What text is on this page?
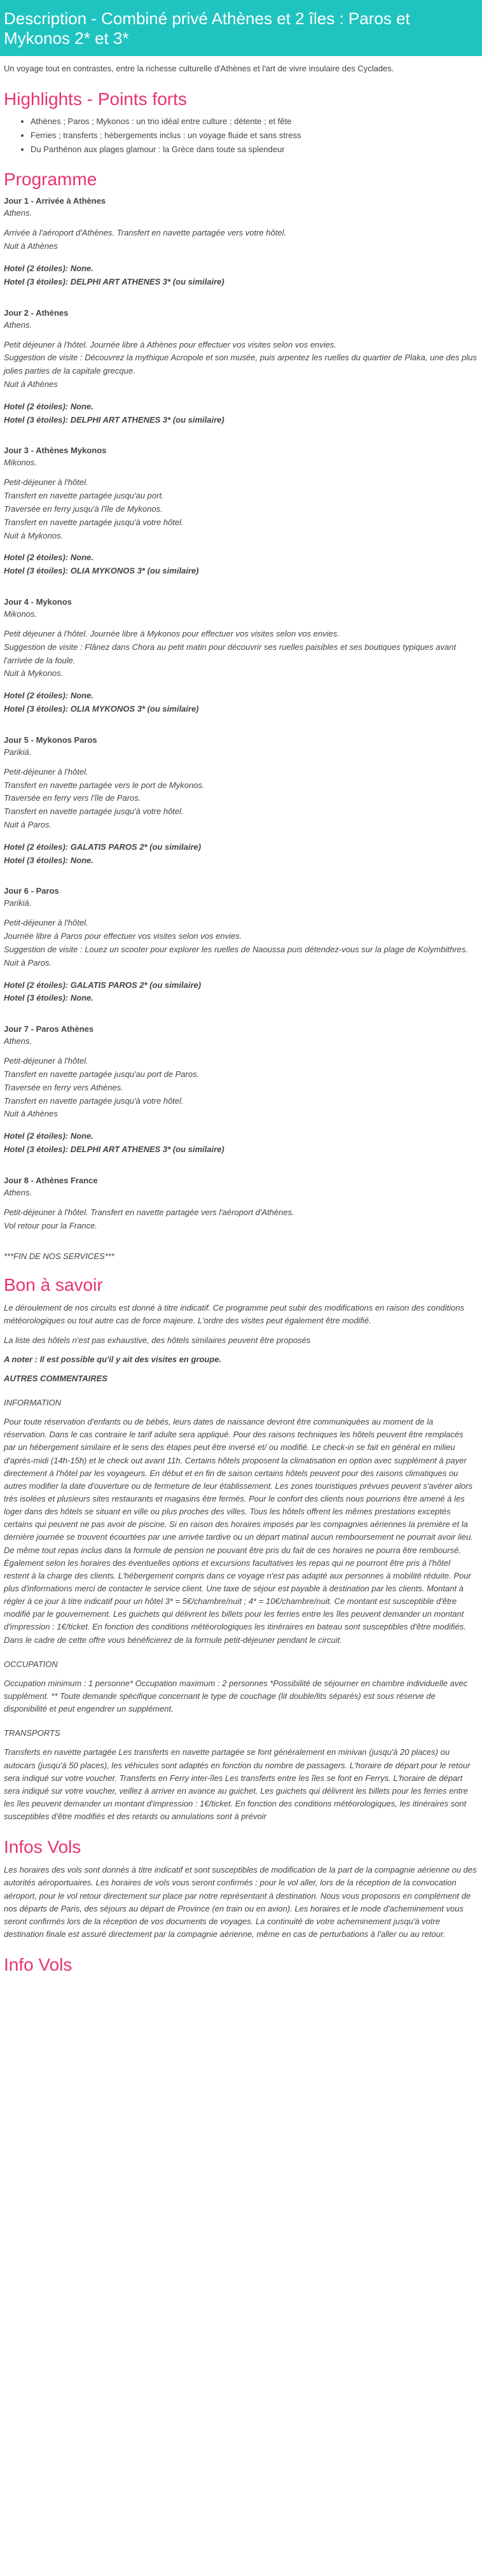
Description - Combiné privé Athènes et 2 îles : Paros et Mykonos 2* et 3*

Un voyage tout en contrastes, entre la richesse culturelle d'Athènes et l'art de vivre insulaire des Cyclades.

Highlights - Points forts
• Athènes ; Paros ; Mykonos : un trio idéal entre culture ; détente ; et fête
• Ferries ; transferts ; hébergements inclus : un voyage fluide et sans stress
• Du Parthénon aux plages glamour : la Grèce dans toute sa splendeur
Programme
Jour 1 - Arrivée à Athènes
Athens.

Arrivée à l'aéroport d'Athènes. Transfert en navette partagée vers votre hôtel.

Nuit à Athènes

Hotel (2 étoiles): None.

Hotel (3 étoiles): DELPHI ART ATHENES 3* (ou similaire)

Jour 2 - Athènes
Athens.

Petit déjeuner à l'hôtel. Journée libre à Athènes pour effectuer vos visites selon vos envies.

Suggestion de visite : Découvrez la mythique Acropole et son musée, puis arpentez les ruelles du quartier de Plaka, une des plus jolies parties de la capitale grecque.

Nuit à Athènes

Hotel (2 étoiles): None.

Hotel (3 étoiles): DELPHI ART ATHENES 3* (ou similaire)

Jour 3 - Athènes Mykonos
Mikonos.

Petit-déjeuner à l'hôtel.

Transfert en navette partagée jusqu'au port.

Traversée en ferry jusqu'à l'île de Mykonos.

Transfert en navette partagée jusqu'à votre hôtel.

Nuit à Mykonos.

Hotel (2 étoiles): None.

Hotel (3 étoiles): OLIA MYKONOS 3* (ou similaire)

Jour 4 - Mykonos
Mikonos.

Petit déjeuner à l'hôtel. Journée libre à Mykonos pour effectuer vos visites selon vos envies.

Suggestion de visite : Flânez dans Chora au petit matin pour découvrir ses ruelles paisibles et ses boutiques typiques avant l'arrivée de la foule.

Nuit à Mykonos.

Hotel (2 étoiles): None.

Hotel (3 étoiles): OLIA MYKONOS 3* (ou similaire)

Jour 5 - Mykonos Paros
Parikiá.

Petit-déjeuner à l'hôtel.

Transfert en navette partagée vers le port de Mykonos.

Traversée en ferry vers l'île de Paros.

Transfert en navette partagée jusqu'à votre hôtel.

Nuit à Paros.

Hotel (2 étoiles): GALATIS PAROS 2* (ou similaire)

Hotel (3 étoiles): None.

Jour 6 - Paros
Parikiá.

Petit-déjeuner à l'hôtel.

Journée libre à Paros pour effectuer vos visites selon vos envies.

Suggestion de visite : Louez un scooter pour explorer les ruelles de Naoussa puis détendez-vous sur la plage de Kolymbithres.

Nuit à Paros.

Hotel (2 étoiles): GALATIS PAROS 2* (ou similaire)

Hotel (3 étoiles): None.

Jour 7 - Paros Athènes
Athens.

Petit-déjeuner à l'hôtel.

Transfert en navette partagée jusqu'au port de Paros.

Traversée en ferry vers Athènes.

Transfert en navette partagée jusqu'à votre hôtel.

Nuit à Athènes

Hotel (2 étoiles): None.

Hotel (3 étoiles): DELPHI ART ATHENES 3* (ou similaire)

Jour 8 - Athènes France
Athens.

Petit-déjeuner à l'hôtel. Transfert en navette partagée vers l'aéroport d'Athènes.

Vol retour pour la France.

***FIN DE NOS SERVICES***
Bon à savoir

Le déroulement de nos circuits est donné à titre indicatif. Ce programme peut subir des modifications en raison des conditions météorologiques ou tout autre cas de force majeure. L'ordre des visites peut également être modifié.

La liste des hôtels n'est pas exhaustive, des hôtels similaires peuvent être proposés

A noter : Il est possible qu'il y ait des visites en groupe.

AUTRES COMMENTAIRES

INFORMATION

Pour toute réservation d'enfants ou de bébés, leurs dates de naissance devront être communiquées au moment de la réservation. Dans le cas contraire le tarif adulte sera appliqué. Pour des raisons techniques les hôtels peuvent être remplacés par un hébergement similaire et le sens des étapes peut être inversé et/ ou modifié. Le check-in se fait en général en milieu d'après-midi (14h-15h) et le check out avant 11h. Certains hôtels proposent la climatisation en option avec supplément à payer directement à l'hôtel par les voyageurs. En début et en fin de saison certains hôtels peuvent pour des raisons climatiques ou autres modifier la date d'ouverture ou de fermeture de leur établissement. Les zones touristiques prévues peuvent s'avérer alors très isolées et plusieurs sites restaurants et magasins être fermés. Pour le confort des clients nous pourrions être amené à les loger dans des hôtels se situant en ville ou plus proches des villes. Tous les hôtels offrent les mêmes prestations exceptés certains qui peuvent ne pas avoir de piscine. Si en raison des horaires imposés par les compagnies aériennes la première et la dernière journée se trouvent écourtées par une arrivée tardive ou un départ matinal aucun remboursement ne pourrait avoir lieu. De même tout repas inclus dans la formule de pension ne pouvant être pris du fait de ces horaires ne pourra être remboursé. Également selon les horaires des éventuelles options et excursions facultatives les repas qui ne pourront être pris à l'hôtel restent à la charge des clients. L'hébergement compris dans ce voyage n'est pas adapté aux personnes à mobilité réduite. Pour plus d'informations merci de contacter le service client. Une taxe de séjour est payable à destination par les clients. Montant à régler à ce jour à titre indicatif pour un hôtel 3* = 5€/chambre/nuit ; 4* = 10€/chambre/nuit. Ce montant est susceptible d'être modifié par le gouvernement. Les guichets qui délivrent les billets pour les ferries entre les îles peuvent demander un montant d'impression : 1€/ticket. En fonction des conditions météorologiques les itinéraires en bateau sont susceptibles d'être modifiés. Dans le cadre de cette offre vous bénéficierez de la formule petit-déjeuner pendant le circuit.

OCCUPATION

Occupation minimum : 1 personne* Occupation maximum : 2 personnes *Possibilité de séjourner en chambre individuelle avec supplément. ** Toute demande spécifique concernant le type de couchage (lit double/lits séparés) est sous réserve de disponibilité et peut engendrer un supplément.

TRANSPORTS

Transferts en navette partagée Les transferts en navette partagée se font généralement en minivan (jusqu'à 20 places) ou autocars (jusqu'à 50 places), les véhicules sont adaptés en fonction du nombre de passagers. L'horaire de départ pour le retour sera indiqué sur votre voucher. Transferts en Ferry inter-îles Les transferts entre les îles se font en Ferrys. L'horaire de départ sera indiqué sur votre voucher, veillez à arriver en avance au guichet. Les guichets qui délivrent les billets pour les ferries entre les îles peuvent demander un montant d'impression : 1€/ticket. En fonction des conditions météorologiques, les itinéraires sont susceptibles d'être modifiés et des retards ou annulations sont à prévoir

Infos Vols

Les horaires des vols sont donnés à titre indicatif et sont susceptibles de modification de la part de la compagnie aérienne ou des autorités aéroportuaires. Les horaires de vols vous seront confirmés : pour le vol aller, lors de la réception de la convocation aéroport, pour le vol retour directement sur place par notre représentant à destination. Nous vous proposons en complément de nos départs de Paris, des séjours au départ de Province (en train ou en avion). Les horaires et le mode d'acheminement vous seront confirmés lors de la réception de vos documents de voyages. La continuité de votre acheminement jusqu'à votre destination finale est assuré directement par la compagnie aérienne, même en cas de perturbations à l'aller ou au retour.

Info Vols
